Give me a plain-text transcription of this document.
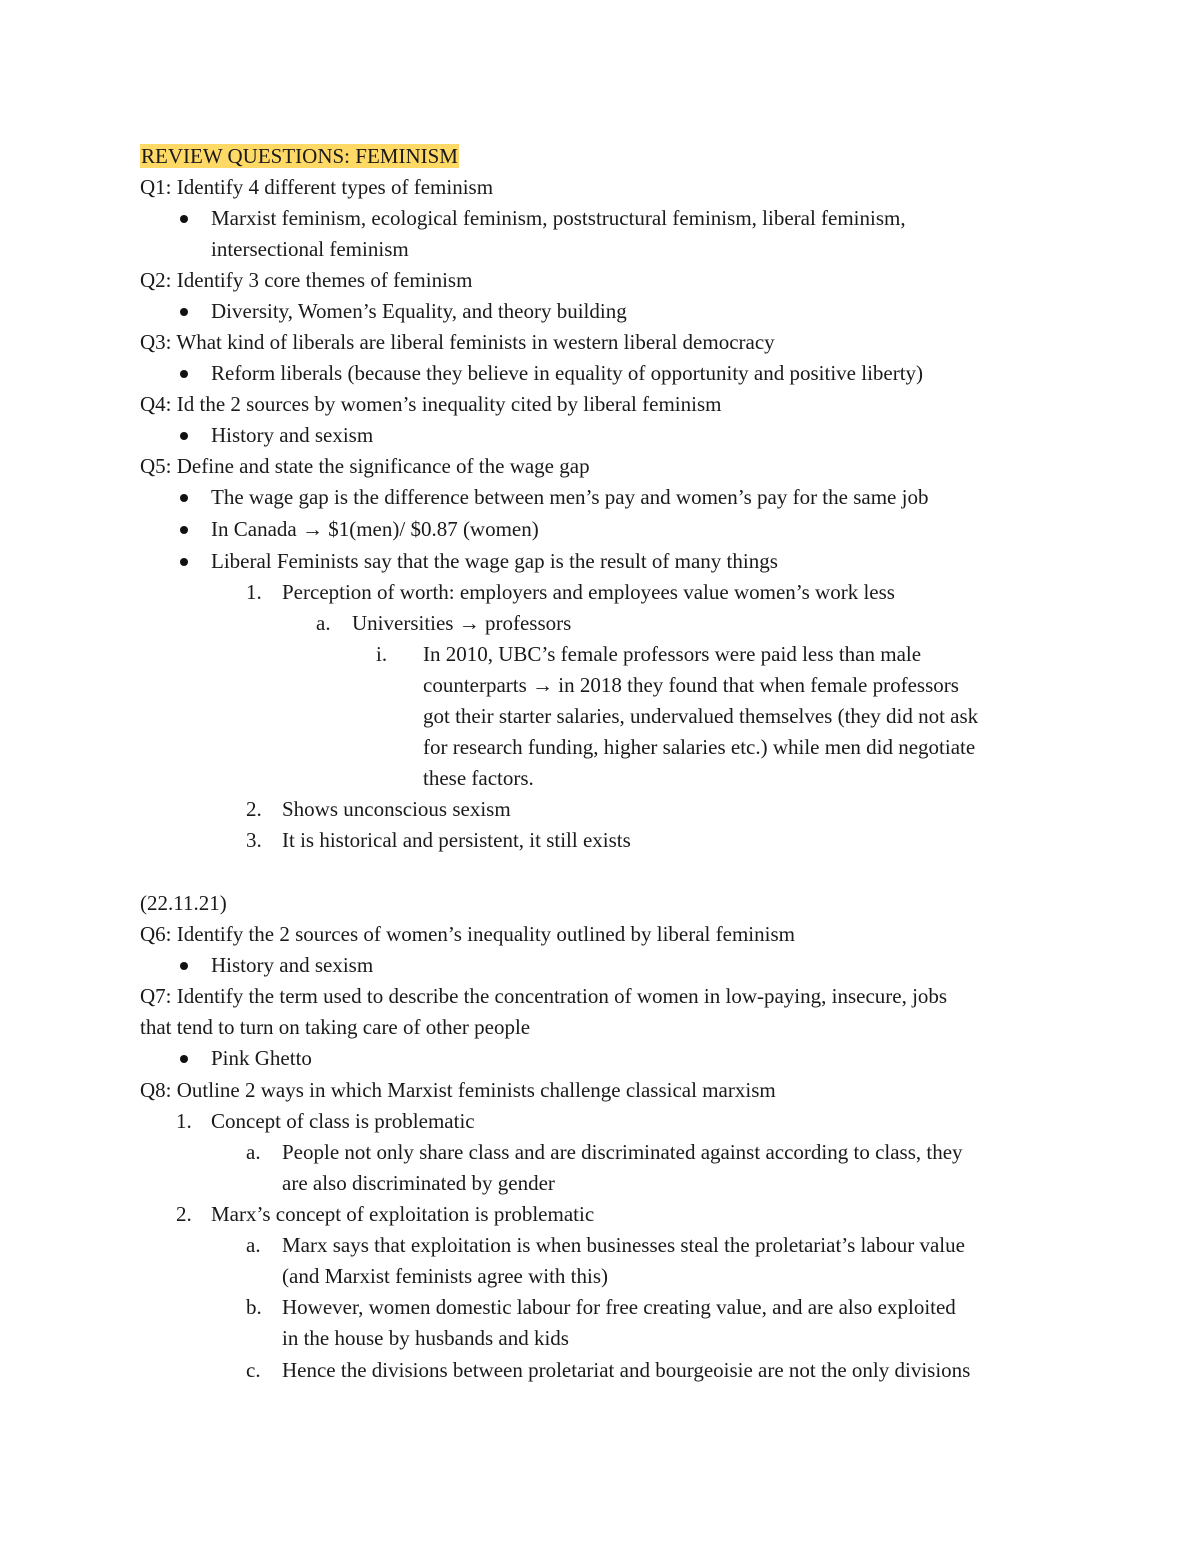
REVIEW QUESTIONS: FEMINISM
Q1: Identify 4 different types of feminism
Marxist feminism, ecological feminism, poststructural feminism, liberal feminism,
intersectional feminism
Q2: Identify 3 core themes of feminism
Diversity, Women’s Equality, and theory building
Q3: What kind of liberals are liberal feminists in western liberal democracy
Reform liberals (because they believe in equality of opportunity and positive liberty)
Q4: Id the 2 sources by women’s inequality cited by liberal feminism
History and sexism
Q5: Define and state the significance of the wage gap
The wage gap is the difference between men’s pay and women’s pay for the same job
In Canada → $1(men)/ $0.87 (women)
Liberal Feminists say that the wage gap is the result of many things
1. Perception of worth: employers and employees value women’s work less
a. Universities → professors
i. In 2010, UBC’s female professors were paid less than male
counterparts → in 2018 they found that when female professors
got their starter salaries, undervalued themselves (they did not ask
for research funding, higher salaries etc.) while men did negotiate
these factors.
2. Shows unconscious sexism
3. It is historical and persistent, it still exists
(22.11.21)
Q6: Identify the 2 sources of women’s inequality outlined by liberal feminism
History and sexism
Q7: Identify the term used to describe the concentration of women in low-paying, insecure, jobs
that tend to turn on taking care of other people
Pink Ghetto
Q8: Outline 2 ways in which Marxist feminists challenge classical marxism
1. Concept of class is problematic
a. People not only share class and are discriminated against according to class, they
are also discriminated by gender
2. Marx’s concept of exploitation is problematic
a. Marx says that exploitation is when businesses steal the proletariat’s labour value
(and Marxist feminists agree with this)
b. However, women domestic labour for free creating value, and are also exploited
in the house by husbands and kids
c. Hence the divisions between proletariat and bourgeoisie are not the only divisions
